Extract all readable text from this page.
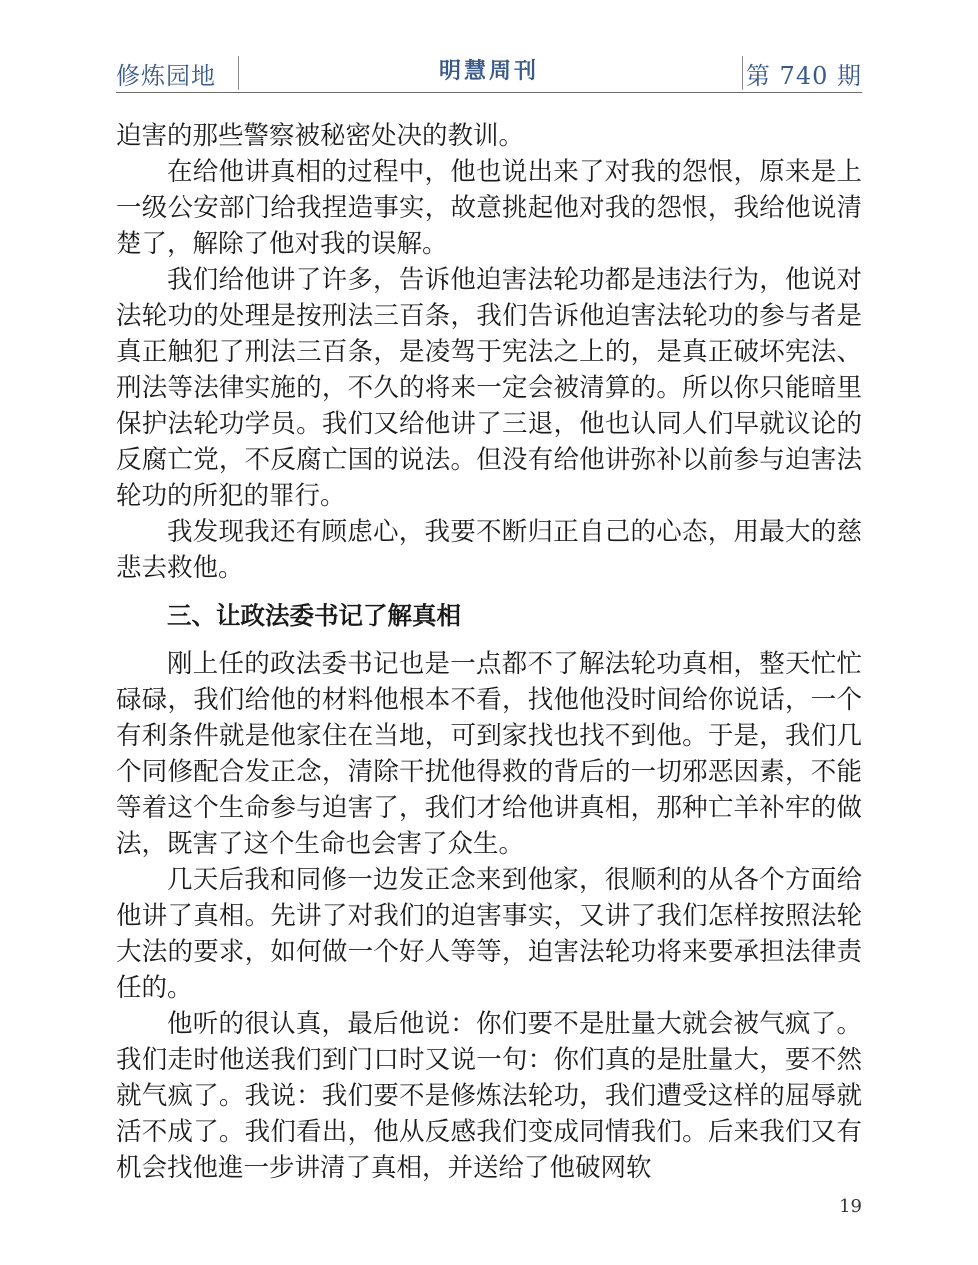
修炼园地	明慧周刊	第 740 期

迫害的那些警察被秘密处决的教训。

在给他讲真相的过程中，他也说出来了对我的怨恨，原来是上一级公安部门给我捏造事实，故意挑起他对我的怨恨，我给他说清楚了，解除了他对我的误解。

我们给他讲了许多，告诉他迫害法轮功都是违法行为，他说对法轮功的处理是按刑法三百条，我们告诉他迫害法轮功的参与者是真正触犯了刑法三百条，是凌驾于宪法之上的，是真正破坏宪法、刑法等法律实施的，不久的将来一定会被清算的。所以你只能暗里保护法轮功学员。我们又给他讲了三退，他也认同人们早就议论的反腐亡党，不反腐亡国的说法。但没有给他讲弥补以前参与迫害法轮功的所犯的罪行。

我发现我还有顾虑心，我要不断归正自己的心态，用最大的慈悲去救他。

三、让政法委书记了解真相

刚上任的政法委书记也是一点都不了解法轮功真相，整天忙忙碌碌，我们给他的材料他根本不看，找他他没时间给你说话，一个有利条件就是他家住在当地，可到家找也找不到他。于是，我们几个同修配合发正念，清除干扰他得救的背后的一切邪恶因素，不能等着这个生命参与迫害了，我们才给他讲真相，那种亡羊补牢的做法，既害了这个生命也会害了众生。

几天后我和同修一边发正念来到他家，很顺利的从各个方面给他讲了真相。先讲了对我们的迫害事实，又讲了我们怎样按照法轮大法的要求，如何做一个好人等等，迫害法轮功将来要承担法律责任的。

他听的很认真，最后他说：你们要不是肚量大就会被气疯了。我们走时他送我们到门口时又说一句：你们真的是肚量大，要不然就气疯了。我说：我们要不是修炼法轮功，我们遭受这样的屈辱就活不成了。我们看出，他从反感我们变成同情我们。后来我们又有机会找他進一步讲清了真相，并送给了他破网软

19
